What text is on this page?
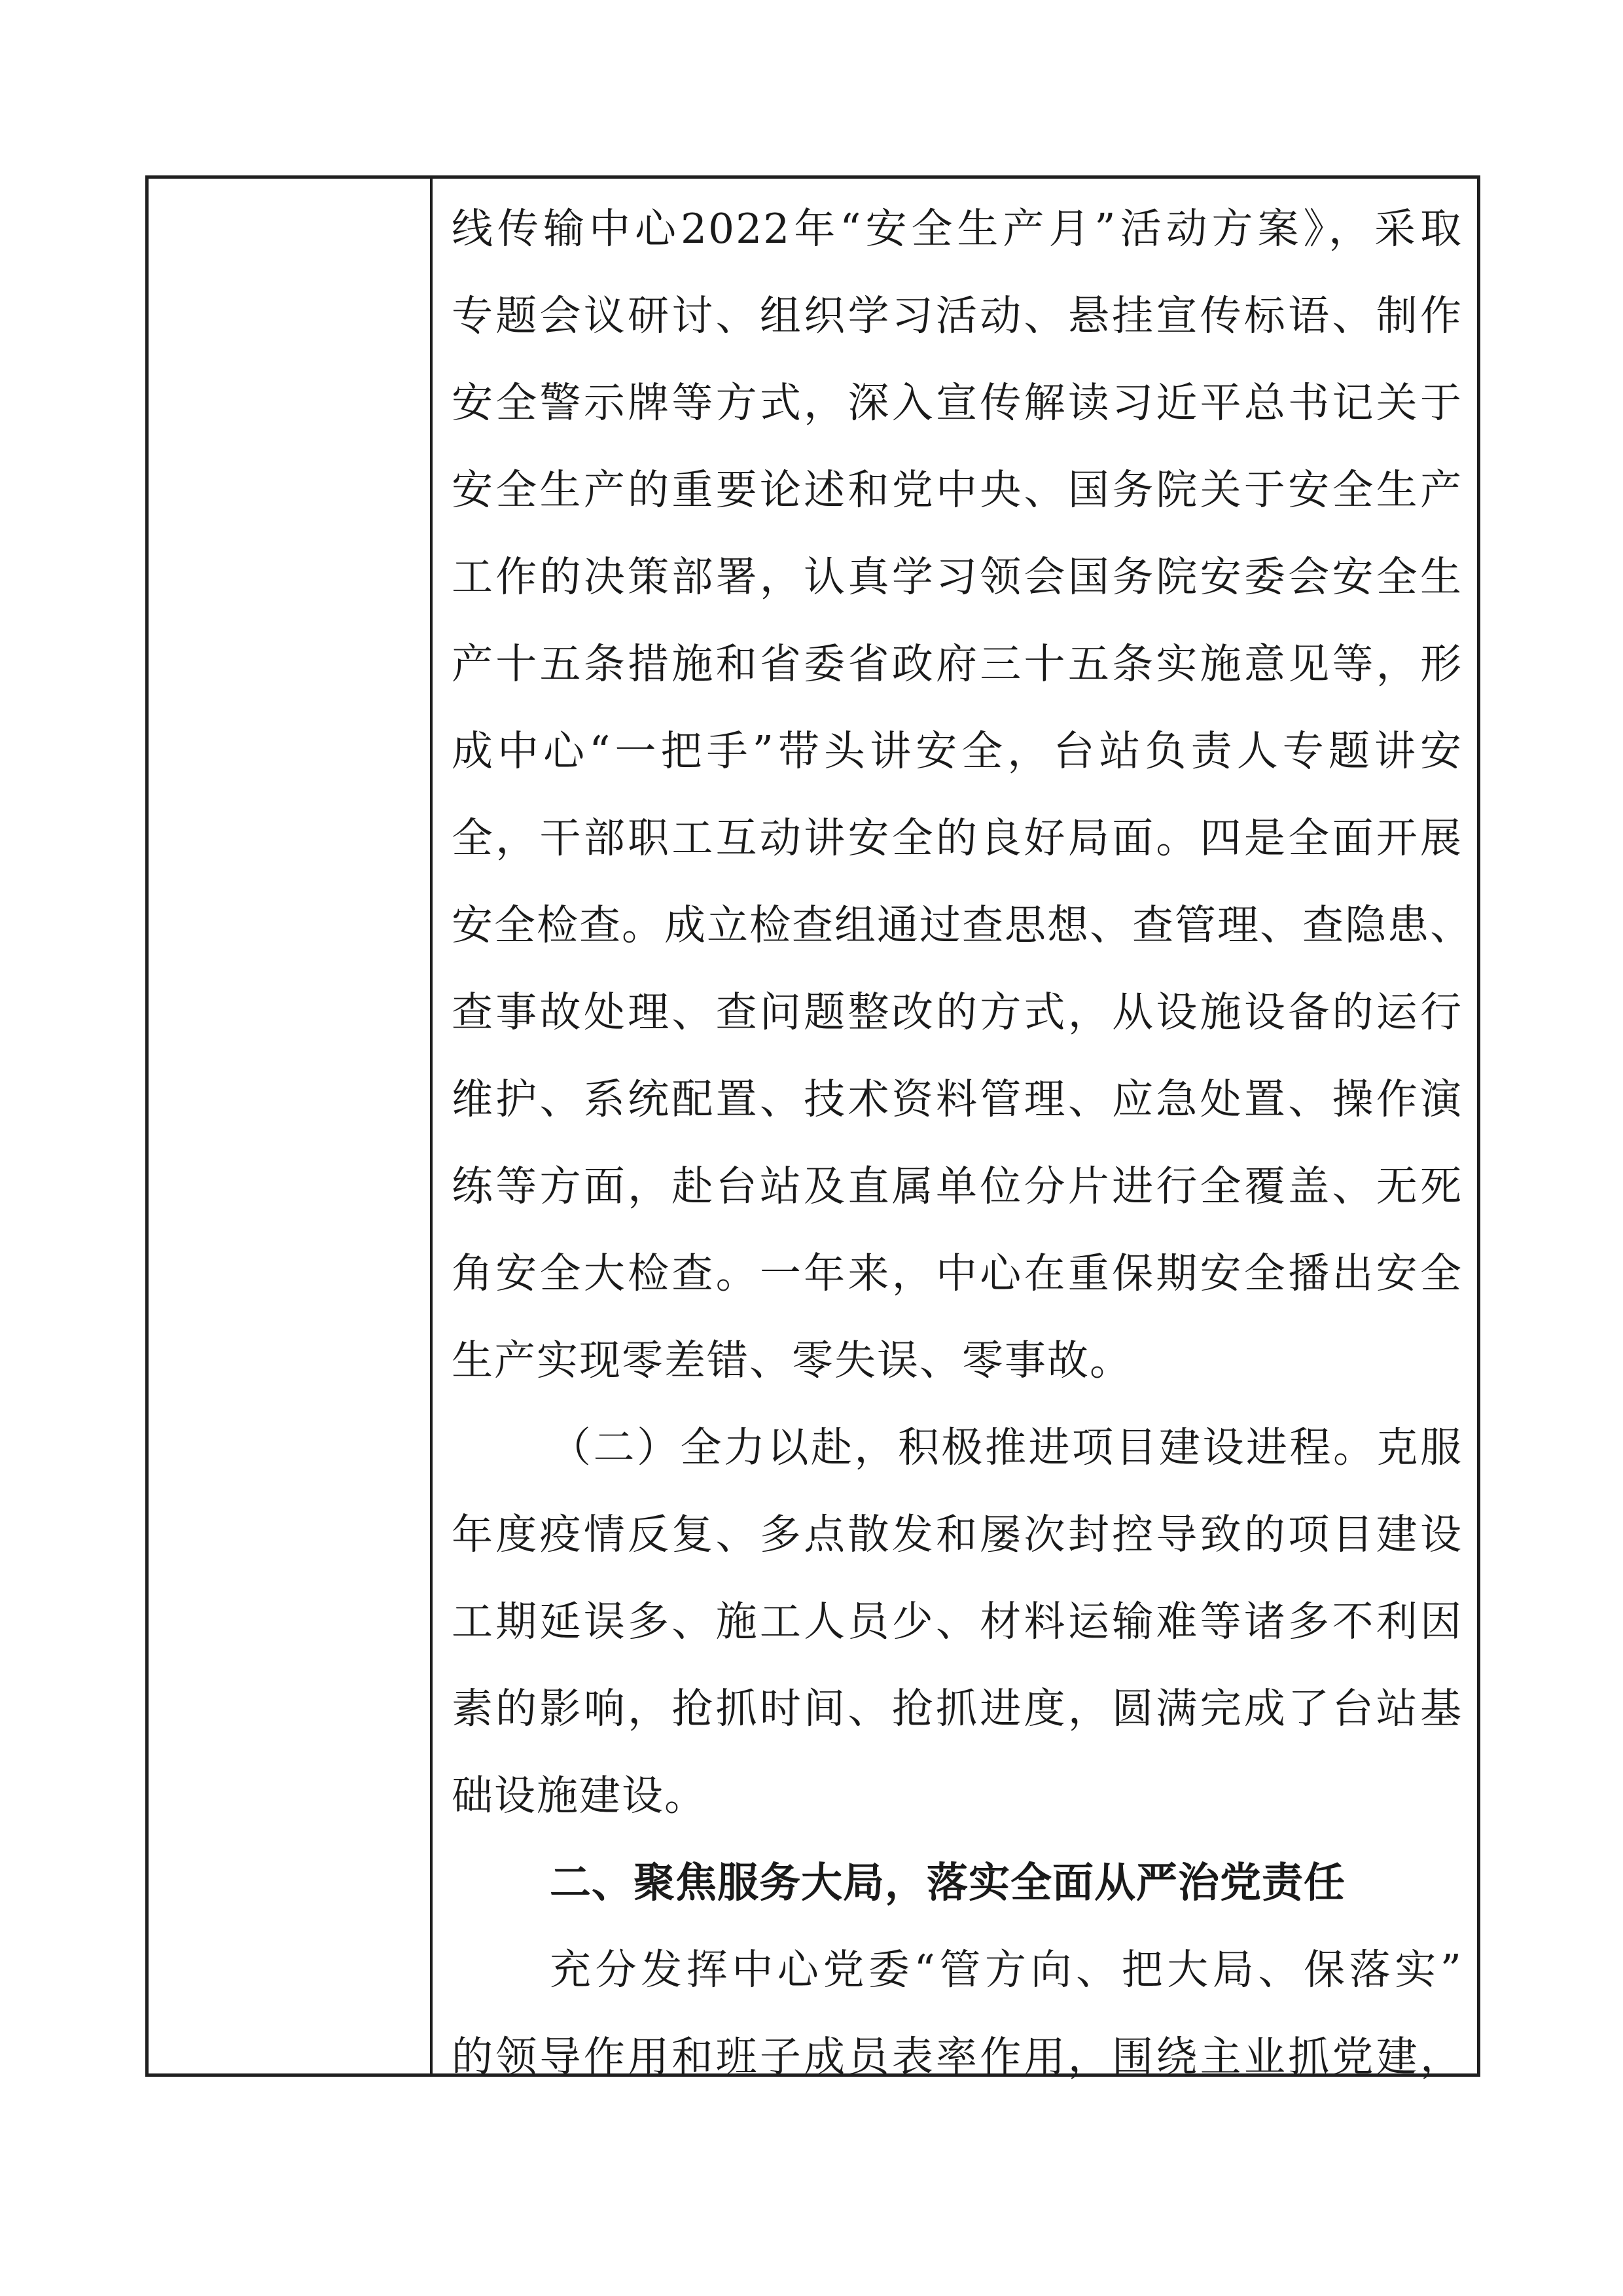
线传输中心2022年“安全生产月”活动方案》，采取
专题会议研讨、组织学习活动、悬挂宣传标语、制作
安全警示牌等方式，深入宣传解读习近平总书记关于
安全生产的重要论述和党中央、国务院关于安全生产
工作的决策部署，认真学习领会国务院安委会安全生
产十五条措施和省委省政府三十五条实施意见等，形
成中心“一把手”带头讲安全，台站负责人专题讲安
全，干部职工互动讲安全的良好局面。四是全面开展
安全检查。成立检查组通过查思想、查管理、查隐患、
查事故处理、查问题整改的方式，从设施设备的运行
维护、系统配置、技术资料管理、应急处置、操作演
练等方面，赴台站及直属单位分片进行全覆盖、无死
角安全大检查。一年来，中心在重保期安全播出安全
生产实现零差错、零失误、零事故。
（二）全力以赴，积极推进项目建设进程。克服
年度疫情反复、多点散发和屡次封控导致的项目建设
工期延误多、施工人员少、材料运输难等诸多不利因
素的影响，抢抓时间、抢抓进度，圆满完成了台站基
础设施建设。
二、聚焦服务大局，落实全面从严治党责任
充分发挥中心党委“管方向、把大局、保落实”
的领导作用和班子成员表率作用，围绕主业抓党建，
